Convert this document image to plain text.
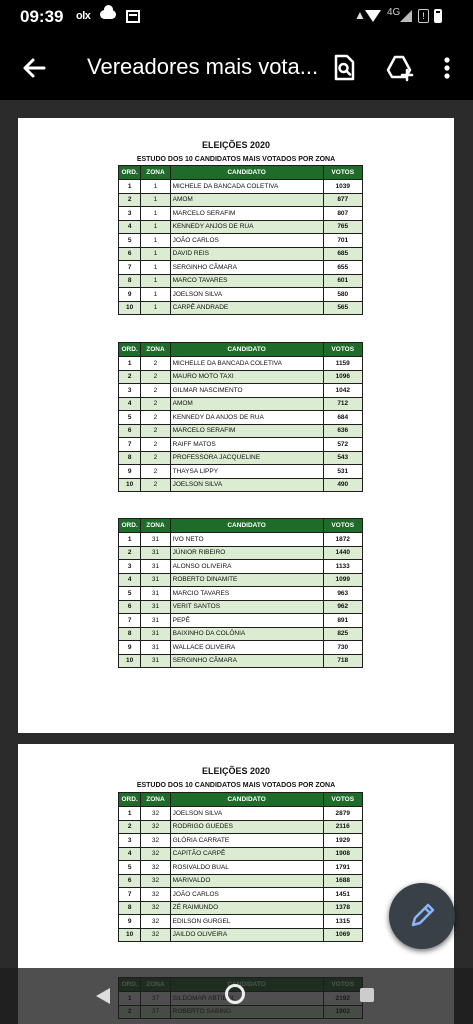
09:39 olx	▲ 4G	!
Vereadores mais vota...
ELEIÇÕES 2020
ESTUDO DOS 10 CANDIDATOS MAIS VOTADOS POR ZONA
ORD.	ZONA	CANDIDATO	VOTOS
1	1	MICHELE DA BANCADA COLETIVA	1039
2	1	AMOM	877
3	1	MARCELO SERAFIM	807
4	1	KENNEDY ANJOS DE RUA	765
5	1	JOÃO CARLOS	701
6	1	DAVID REIS	685
7	1	SERGINHO CÂMARA	655
8	1	MARCO TAVARES	601
9	1	JOELSON SILVA	580
10	1	CARPÊ ANDRADE	565
ORD.	ZONA	CANDIDATO	VOTOS
1	2	MICHELLE DA BANCADA COLETIVA	1159
2	2	MAURO MOTO TAXI	1096
3	2	GILMAR NASCIMENTO	1042
4	2	AMOM	712
5	2	KENNEDY DA ANJOS DE RUA	684
6	2	MARCELO SERAFIM	636
7	2	RAIFF MATOS	572
8	2	PROFESSORA JACQUELINE	543
9	2	THAYSA LIPPY	531
10	2	JOELSON SILVA	490
ORD.	ZONA	CANDIDATO	VOTOS
1	31	IVO NETO	1872
2	31	JÚNIOR RIBEIRO	1440
3	31	ALONSO OLIVEIRA	1133
4	31	ROBERTO DINAMITE	1099
5	31	MARCIO TAVARES	963
6	31	VERIT SANTOS	962
7	31	PEPÊ	891
8	31	BAIXINHO DA COLÔNIA	825
9	31	WALLACE OLIVEIRA	730
10	31	SERGINHO CÂMARA	718
ELEIÇÕES 2020
ESTUDO DOS 10 CANDIDATOS MAIS VOTADOS POR ZONA
ORD.	ZONA	CANDIDATO	VOTOS
1	32	JOELSON SILVA	2879
2	32	RODRIGO GUEDES	2116
3	32	GLÓRIA CARRATE	1929
4	32	CAPITÃO CARPÊ	1908
5	32	ROSIVALDO BUAL	1791
6	32	MARIVALDO	1688
7	32	JOÃO CARLOS	1451
8	32	ZÉ RAIMUNDO	1378
9	32	EDILSON GURGEL	1315
10	32	JAILDO OLIVEIRA	1069
